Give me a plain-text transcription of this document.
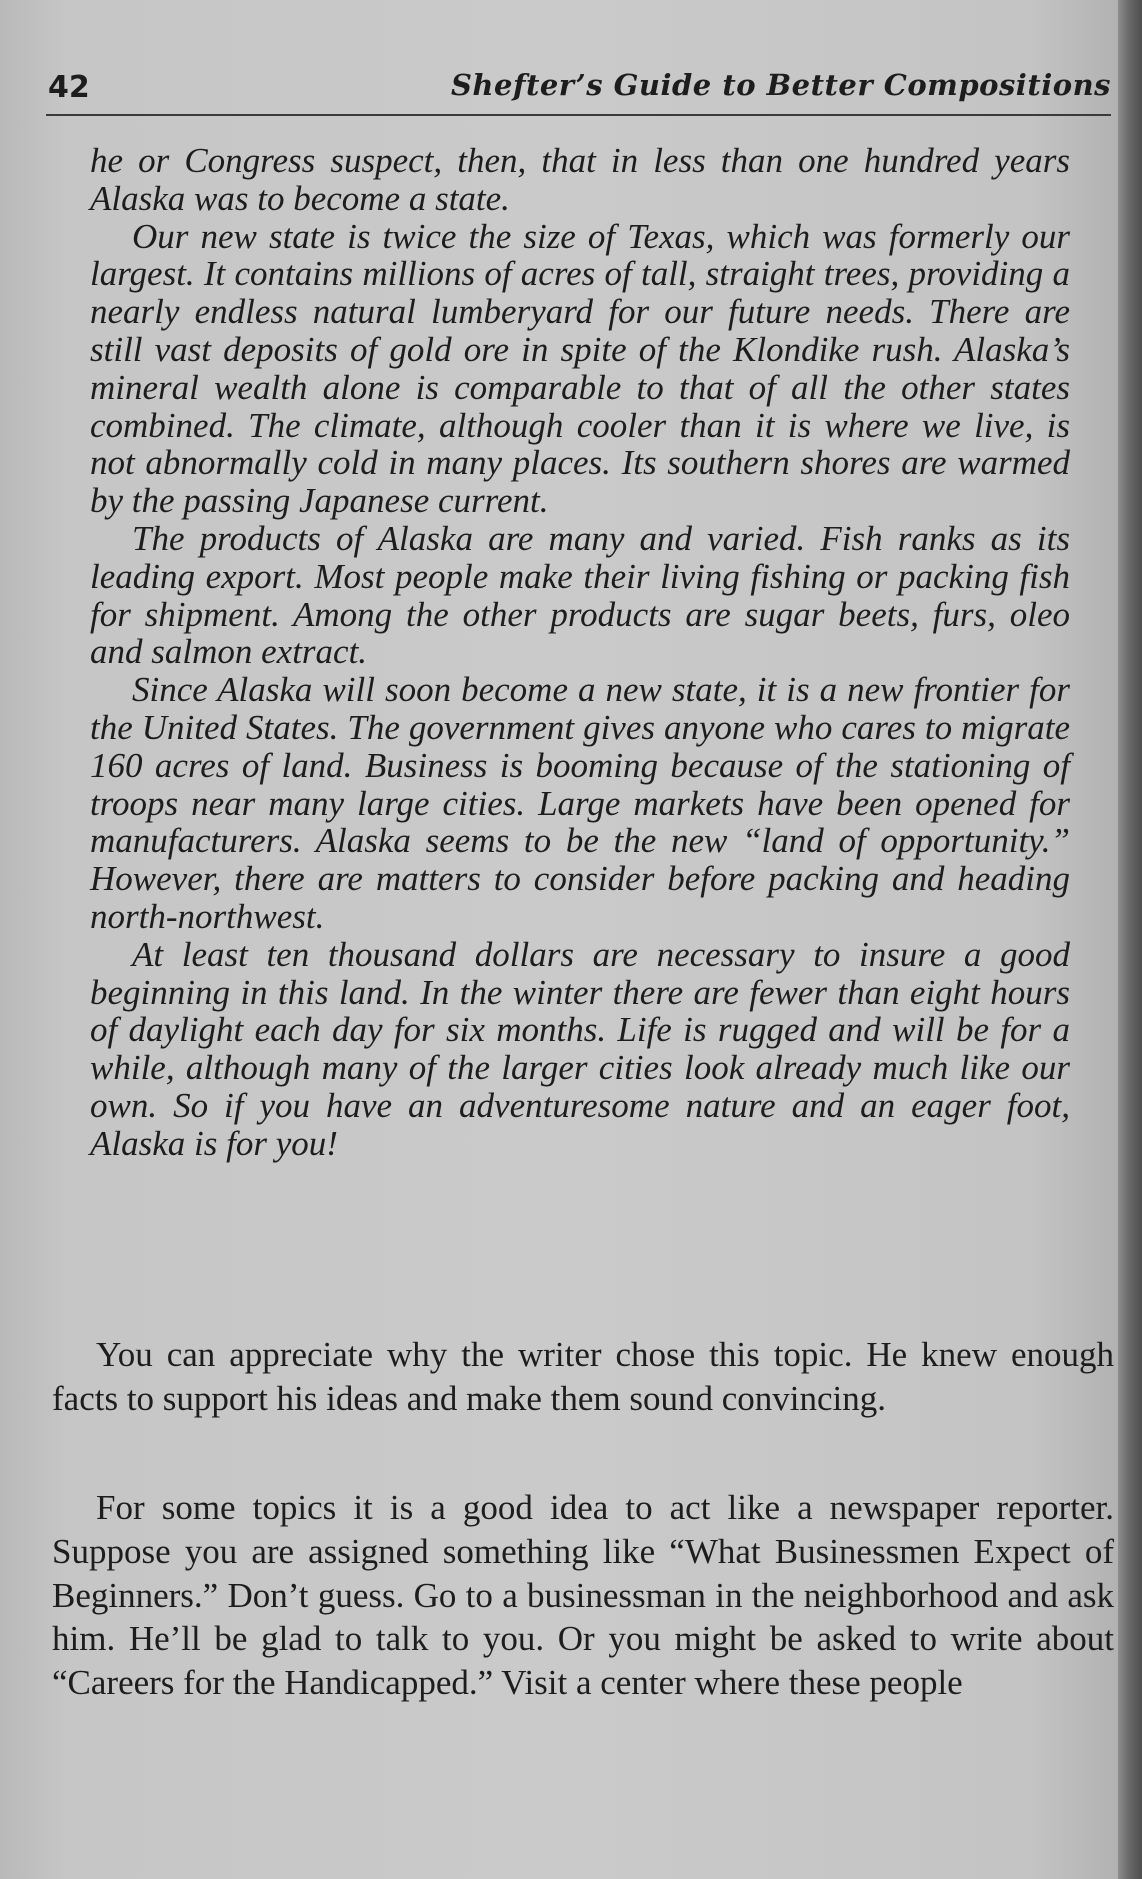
42	Shefter’s Guide to Better Compositions

he or Congress suspect, then, that in less than one hundred years Alaska was to become a state.

Our new state is twice the size of Texas, which was formerly our largest. It contains millions of acres of tall, straight trees, providing a nearly endless natural lumberyard for our future needs. There are still vast deposits of gold ore in spite of the Klondike rush. Alaska’s mineral wealth alone is comparable to that of all the other states combined. The climate, although cooler than it is where we live, is not abnormally cold in many places. Its southern shores are warmed by the passing Japanese current.

The products of Alaska are many and varied. Fish ranks as its leading export. Most people make their living fishing or packing fish for shipment. Among the other products are sugar beets, furs, oleo and salmon extract.

Since Alaska will soon become a new state, it is a new frontier for the United States. The government gives anyone who cares to migrate 160 acres of land. Business is booming because of the stationing of troops near many large cities. Large markets have been opened for manufacturers. Alaska seems to be the new “land of opportunity.” However, there are matters to consider before packing and heading north-northwest.

At least ten thousand dollars are necessary to insure a good beginning in this land. In the winter there are fewer than eight hours of daylight each day for six months. Life is rugged and will be for a while, although many of the larger cities look already much like our own. So if you have an adventuresome nature and an eager foot, Alaska is for you!

You can appreciate why the writer chose this topic. He knew enough facts to support his ideas and make them sound convincing.

For some topics it is a good idea to act like a newspaper reporter. Suppose you are assigned something like “What Businessmen Expect of Beginners.” Don’t guess. Go to a businessman in the neighborhood and ask him. He’ll be glad to talk to you. Or you might be asked to write about “Careers for the Handicapped.” Visit a center where these people
